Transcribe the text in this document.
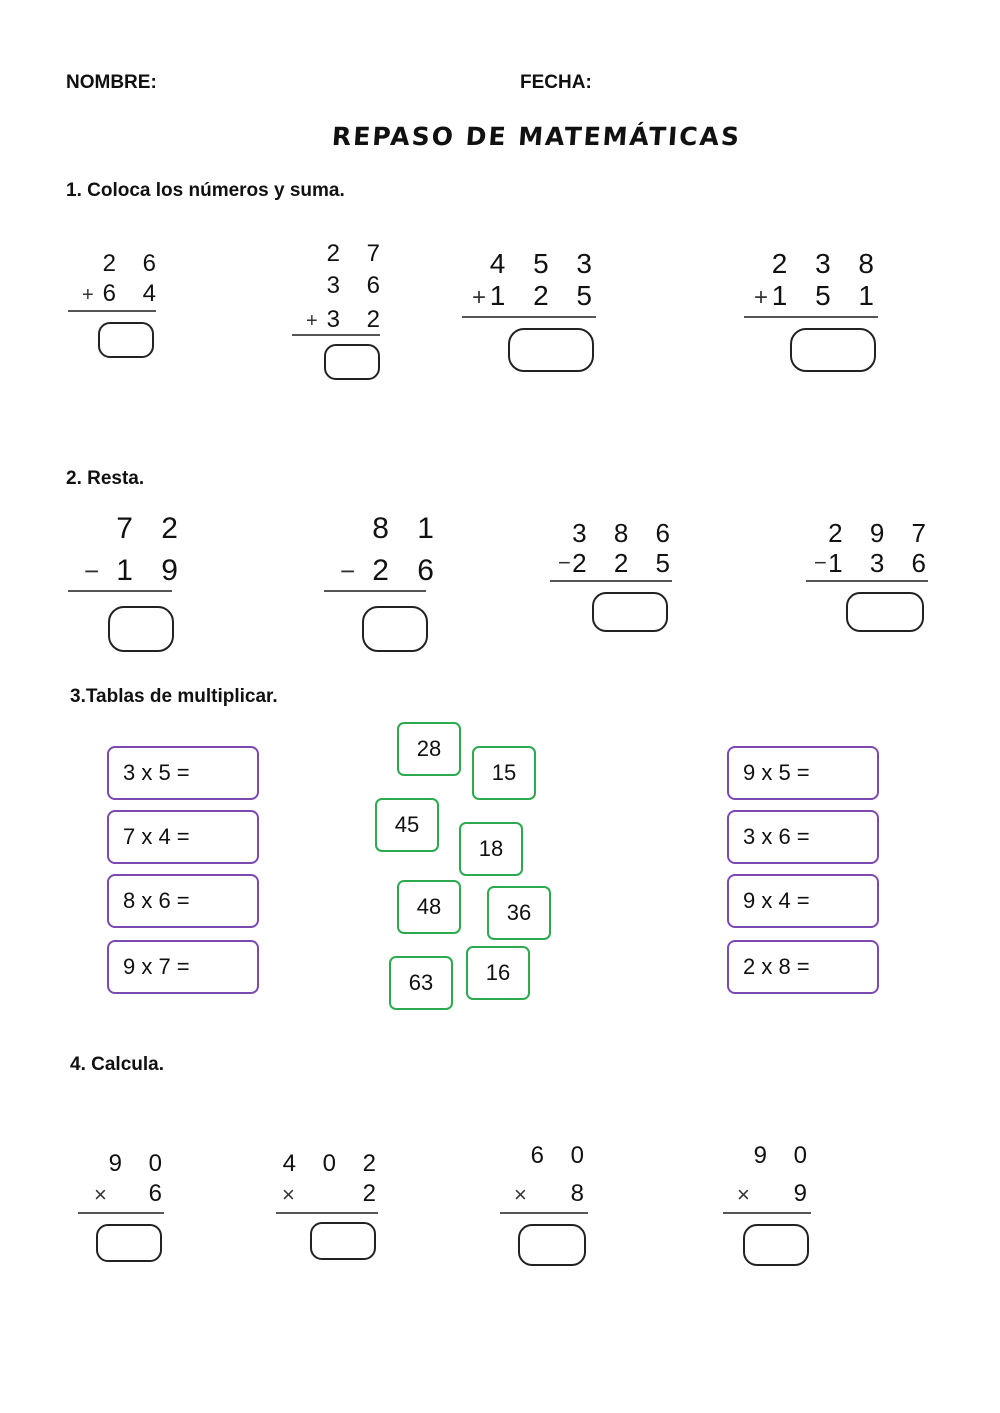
NOMBRE:	FECHA:
REPASO DE MATEMÁTICAS
1. Coloca los números y suma.
2 6
+ 6 4
2 7
3 6
+ 3 2
4 5 3
+ 1 2 5
2 3 8
+ 1 5 1
2. Resta.
7 2
− 1 9
8 1
− 2 6
3 8 6
− 2 2 5
2 9 7
− 1 3 6
3.Tablas de multiplicar.
3 x 5 =
7 x 4 =
8 x 6 =
9 x 7 =
28
15
45
18
48	36
16
63
9 x 5 =
3 x 6 =
9 x 4 =
2 x 8 =
4. Calcula.
9 0
× 6
4 0 2
×	2
6 0
× 8
9 0
× 9
